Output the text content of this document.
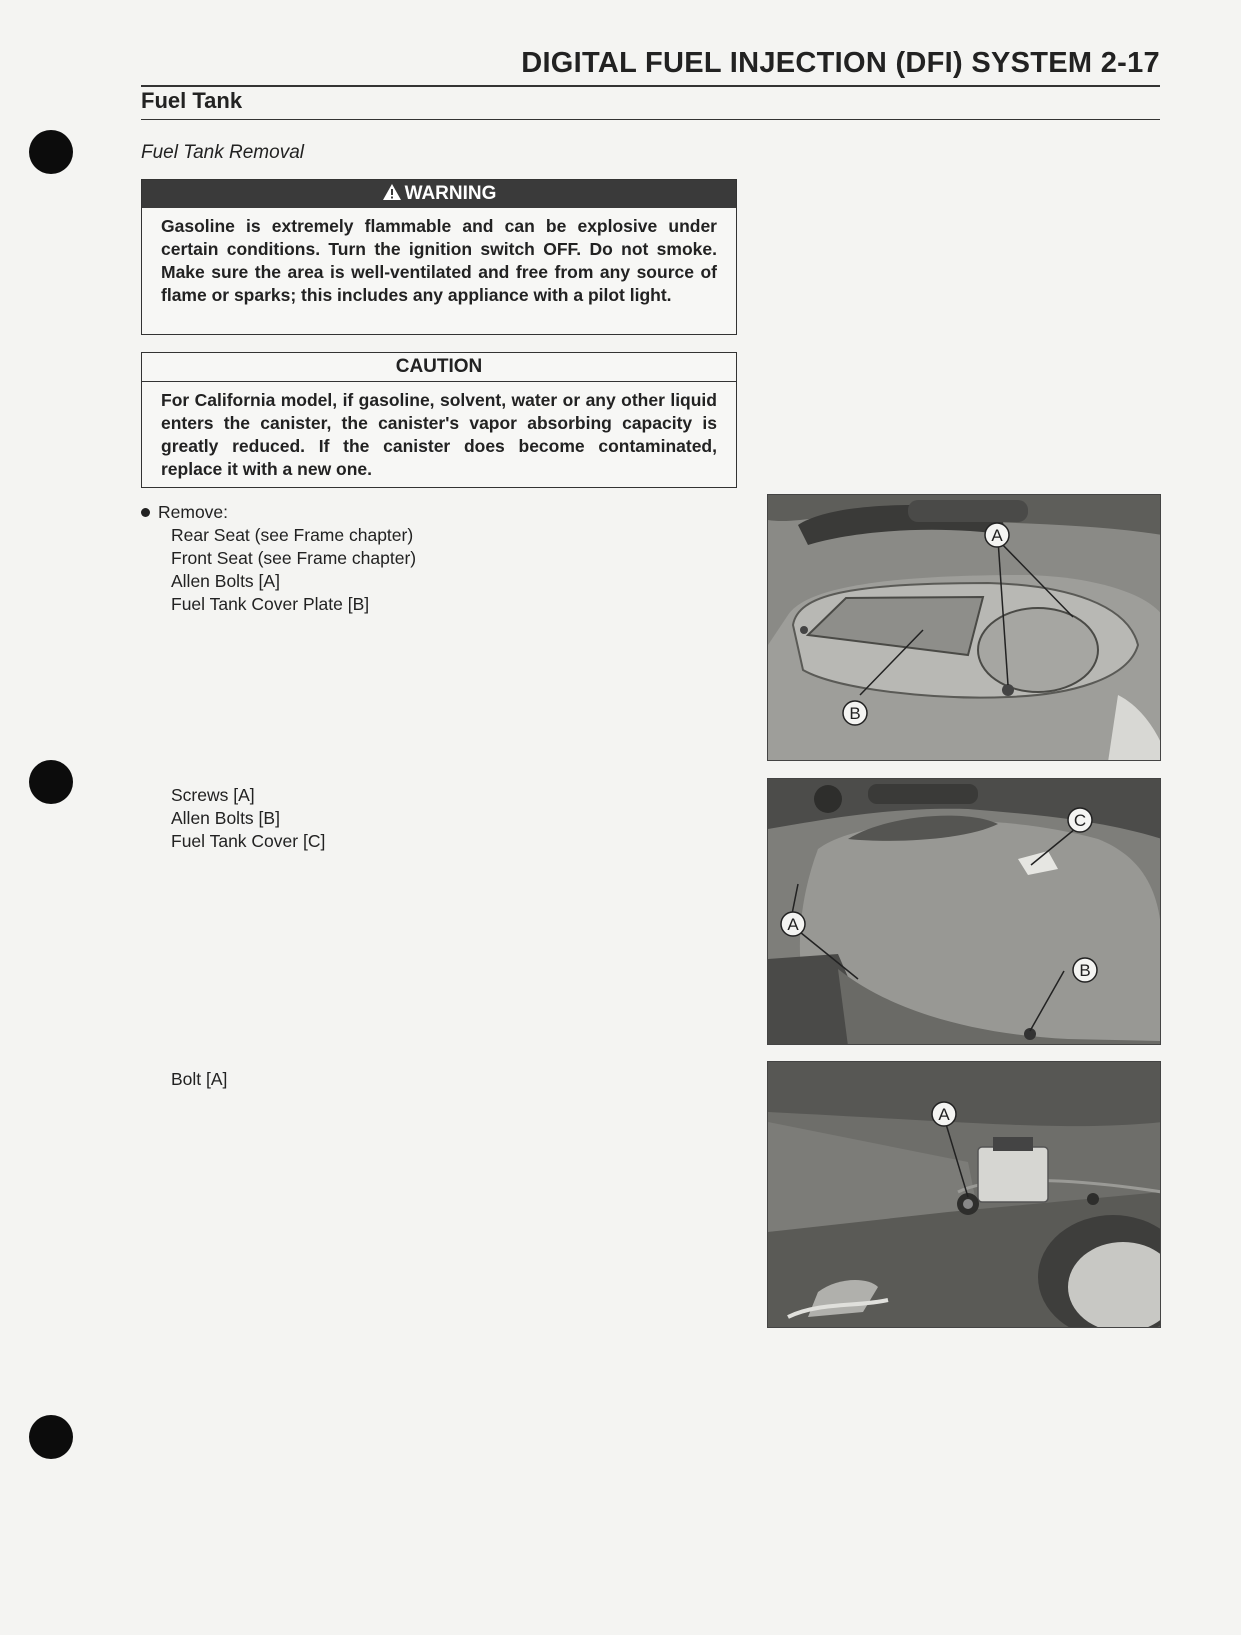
DIGITAL FUEL INJECTION (DFI) SYSTEM 2-17
Fuel Tank
Fuel Tank Removal
WARNING
Gasoline is extremely flammable and can be explosive under certain conditions. Turn the ignition switch OFF. Do not smoke. Make sure the area is well-ventilated and free from any source of flame or sparks; this includes any appliance with a pilot light.
CAUTION
For California model, if gasoline, solvent, water or any other liquid enters the canister, the canister's vapor absorbing capacity is greatly reduced. If the canister does become contaminated, replace it with a new one.
Remove:
Rear Seat (see Frame chapter)
Front Seat (see Frame chapter)
Allen Bolts [A]
Fuel Tank Cover Plate [B]
Screws [A]
Allen Bolts [B]
Fuel Tank Cover [C]
Bolt [A]
A
B
C
A
B
A
